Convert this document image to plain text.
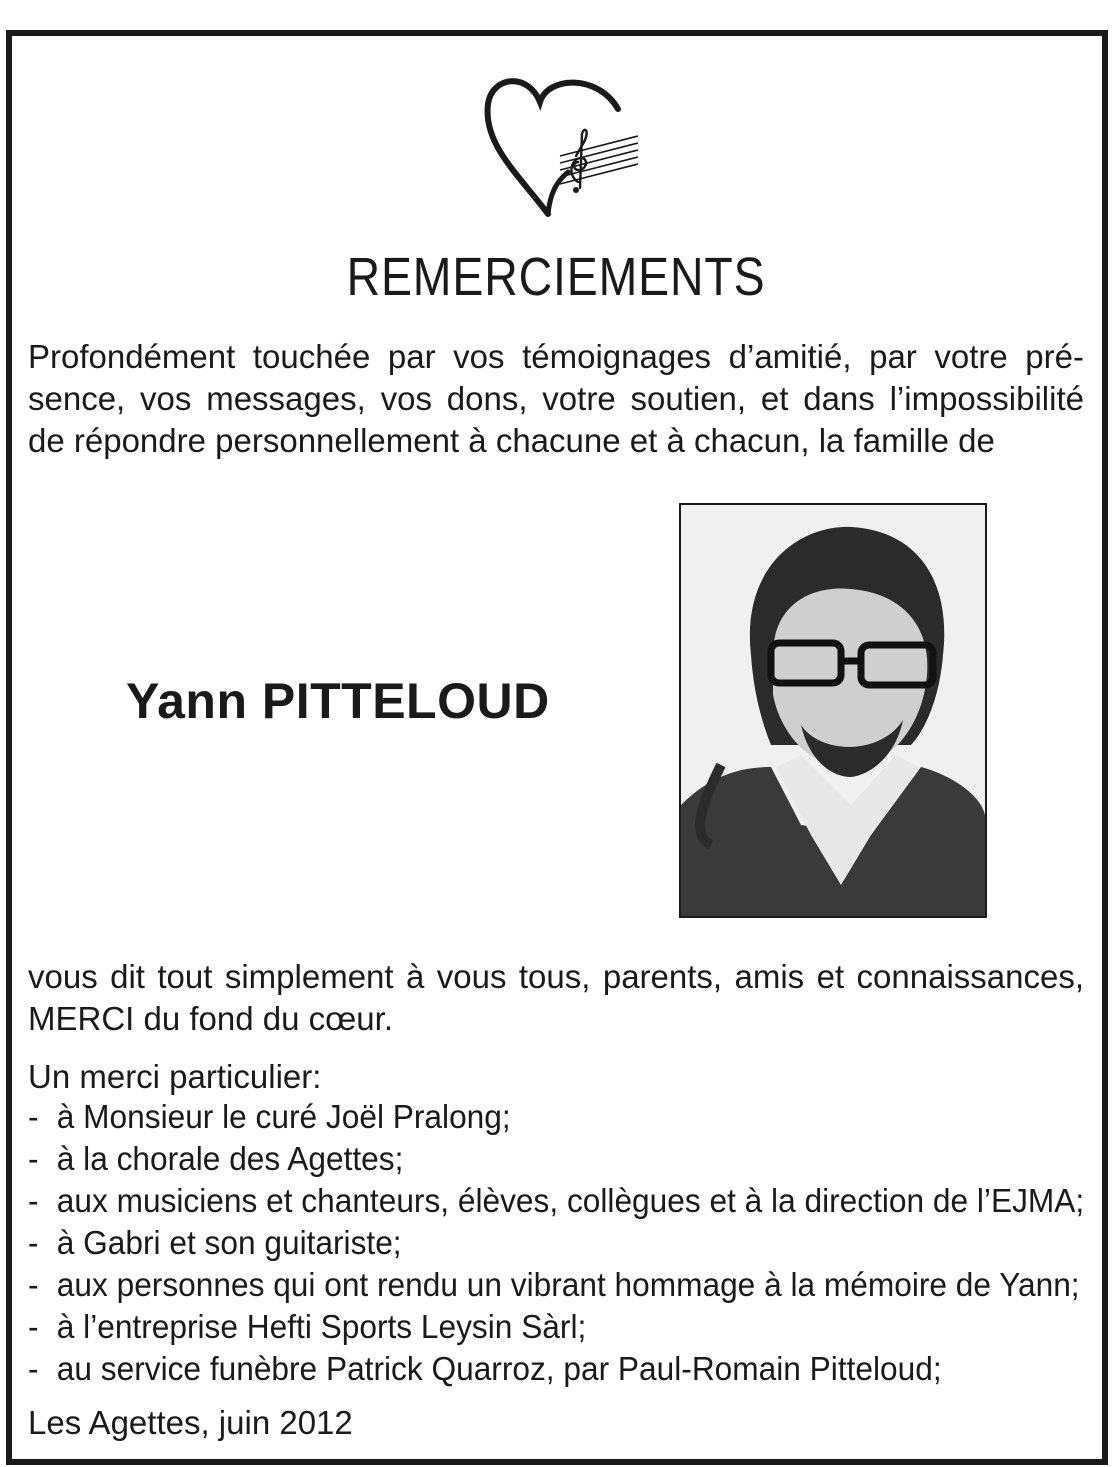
REMERCIEMENTS
Profondément touchée par vos témoignages d’amitié, par votre pré-
sence, vos messages, vos dons, votre soutien, et dans l’impossibilité
de répondre personnellement à chacune et à chacun, la famille de
Yann PITTELOUD
vous dit tout simplement à vous tous, parents, amis et connaissances,
MERCI du fond du cœur.
Un merci particulier:
- à Monsieur le curé Joël Pralong;
- à la chorale des Agettes;
- aux musiciens et chanteurs, élèves, collègues et à la direction de l’EJMA;
- à Gabri et son guitariste;
- aux personnes qui ont rendu un vibrant hommage à la mémoire de Yann;
- à l’entreprise Hefti Sports Leysin Sàrl;
- au service funèbre Patrick Quarroz, par Paul-Romain Pitteloud;
Les Agettes, juin 2012
